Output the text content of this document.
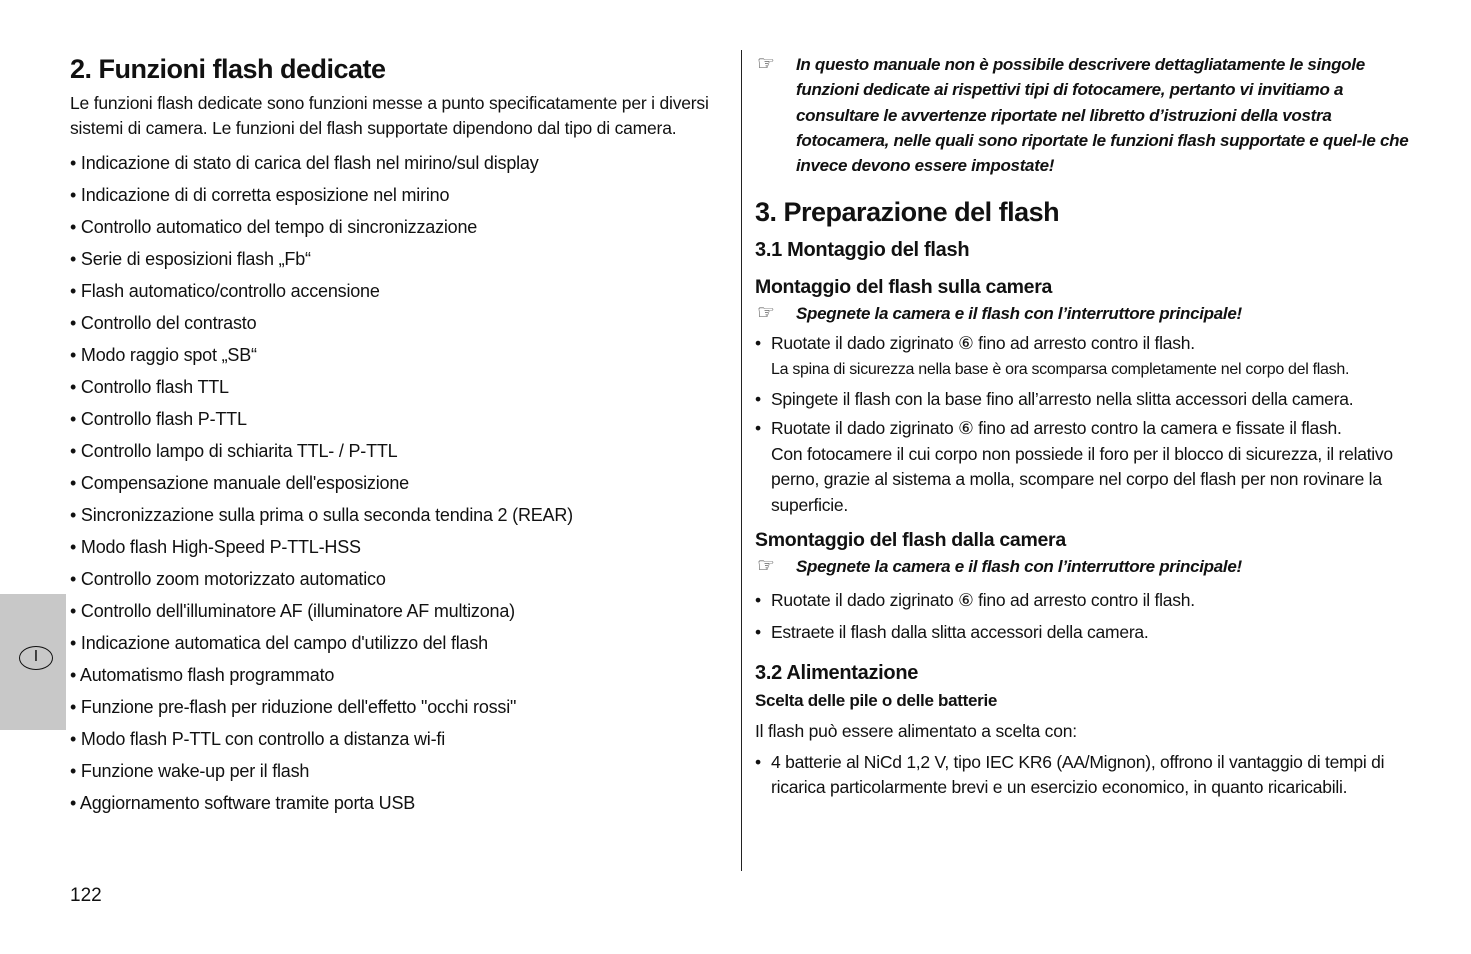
2. Funzioni flash dedicate

Le funzioni flash dedicate sono funzioni messe a punto specificatamente per i diversi sistemi di camera. Le funzioni del flash supportate dipendono dal tipo di camera.

• Indicazione di stato di carica del flash nel mirino/sul display
• Indicazione di di corretta esposizione nel mirino
• Controllo automatico del tempo di sincronizzazione
• Serie di esposizioni flash „Fb“
• Flash automatico/controllo accensione
• Controllo del contrasto
• Modo raggio spot „SB“
• Controllo flash TTL
• Controllo flash P-TTL
• Controllo lampo di schiarita TTL- / P-TTL
• Compensazione manuale dell'esposizione
• Sincronizzazione sulla prima o sulla seconda tendina 2 (REAR)
• Modo flash High-Speed P-TTL-HSS
• Controllo zoom motorizzato automatico
• Controllo dell'illuminatore AF (illuminatore AF multizona)
• Indicazione automatica del campo d'utilizzo del flash
• Automatismo flash programmato
• Funzione pre-flash per riduzione dell'effetto "occhi rossi"
• Modo flash P-TTL con controllo a distanza wi-fi
• Funzione wake-up per il flash
• Aggiornamento software tramite porta USB
☞ In questo manuale non è possibile descrivere dettagliatamente le singole funzioni dedicate ai rispettivi tipi di fotocamere, pertanto vi invitiamo a consultare le avvertenze riportate nel libretto d’istruzioni della vostra fotocamera, nelle quali sono riportate le funzioni flash supportate e quel-le che invece devono essere impostate!
3. Preparazione del flash
3.1 Montaggio del flash
Montaggio del flash sulla camera
☞ Spegnete la camera e il flash con l’interruttore principale!
• Ruotate il dado zigrinato ⑥ fino ad arresto contro il flash.
La spina di sicurezza nella base è ora scomparsa completamente nel corpo del flash.
• Spingete il flash con la base fino all’arresto nella slitta accessori della camera.
• Ruotate il dado zigrinato ⑥ fino ad arresto contro la camera e fissate il flash.
Con fotocamere il cui corpo non possiede il foro per il blocco di sicurezza, il relativo perno, grazie al sistema a molla, scompare nel corpo del flash per non rovinare la superficie.
Smontaggio del flash dalla camera
☞ Spegnete la camera e il flash con l’interruttore principale!
• Ruotate il dado zigrinato ⑥ fino ad arresto contro il flash.
• Estraete il flash dalla slitta accessori della camera.
3.2 Alimentazione
Scelta delle pile o delle batterie
Il flash può essere alimentato a scelta con:
• 4 batterie al NiCd 1,2 V, tipo IEC KR6 (AA/Mignon), offrono il vantaggio di tempi di ricarica particolarmente brevi e un esercizio economico, in quanto ricaricabili.
I
122
